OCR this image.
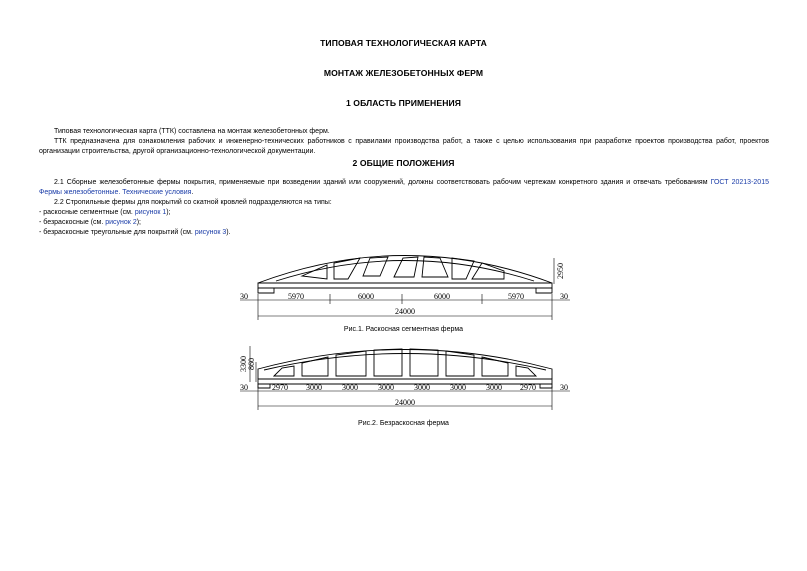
ТИПОВАЯ ТЕХНОЛОГИЧЕСКАЯ КАРТА
МОНТАЖ ЖЕЛЕЗОБЕТОННЫХ ФЕРМ
1 ОБЛАСТЬ ПРИМЕНЕНИЯ
Типовая технологическая карта (ТТК) составлена на монтаж железобетонных ферм.
ТТК предназначена для ознакомления рабочих и инженерно-технических работников с правилами производства работ, а также с целью использования при разработке проектов производства работ, проектов организации строительства, другой организационно-технологической документации.
2 ОБЩИЕ ПОЛОЖЕНИЯ
2.1 Сборные железобетонные фермы покрытия, применяемые при возведении зданий или сооружений, должны соответствовать рабочим чертежам конкретного здания и отвечать требованиям ГОСТ 20213-2015 Фермы железобетонные. Технические условия.
2.2 Стропильные фермы для покрытий со скатной кровлей подразделяются на типы:
- раскосные сегментные (см. рисунок 1);
- безраскосные (см. рисунок 2);
- безраскосные треугольные для покрытий (см. рисунок 3).
30	5970	6000	6000	5970	30
24000
2950
Рис.1. Раскосная сегментная ферма
30	2970 3000	3000	3000	3000	3000	3000 2970	30
24000
3300 860
Рис.2. Безраскосная ферма
